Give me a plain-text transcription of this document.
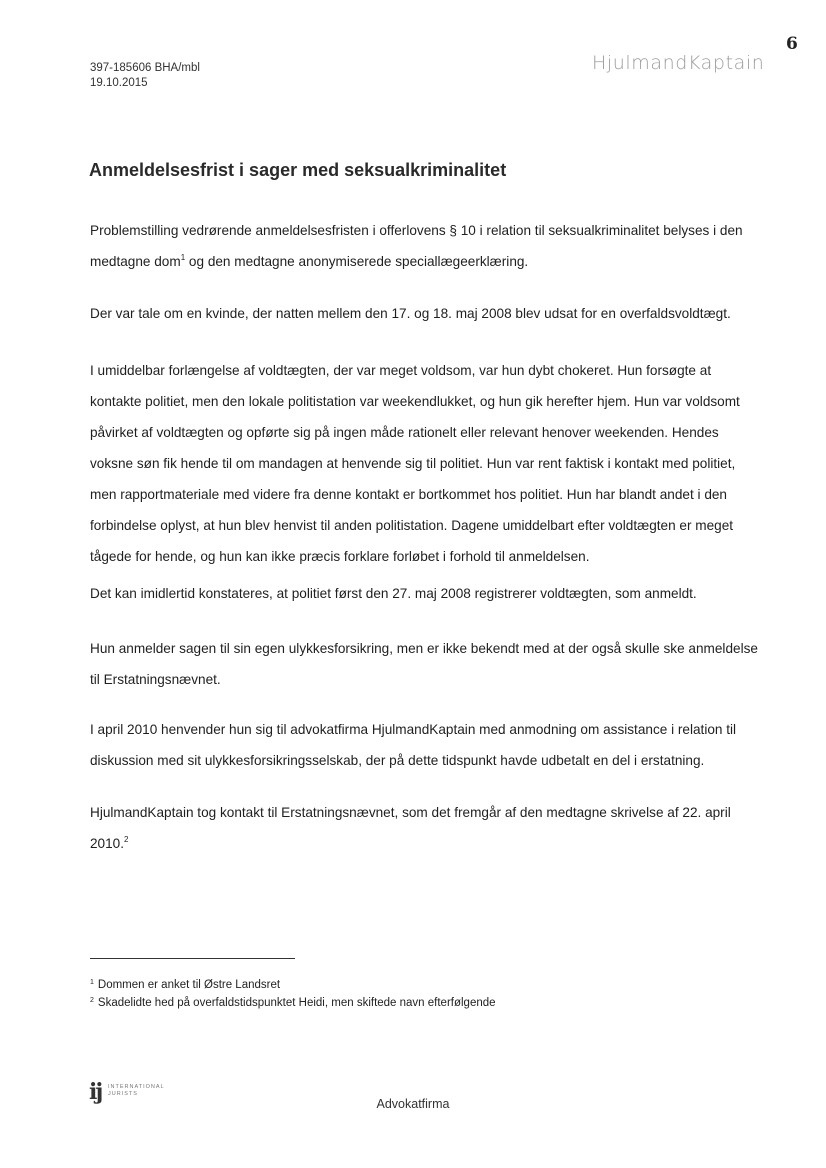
6
397-185606 BHA/mbl
19.10.2015
HjulmandKaptain
Anmeldelsesfrist i sager med seksualkriminalitet
Problemstilling vedrørende anmeldelsesfristen i offerlovens § 10 i relation til seksualkriminalitet belyses i den medtagne dom$^1$ og den medtagne anonymiserede speciallægeerklæring.
Der var tale om en kvinde, der natten mellem den 17. og 18. maj 2008 blev udsat for en overfaldsvoldtægt.
I umiddelbar forlængelse af voldtægten, der var meget voldsom, var hun dybt chokeret. Hun forsøgte at kontakte politiet, men den lokale politistation var weekendlukket, og hun gik herefter hjem. Hun var voldsomt påvirket af voldtægten og opførte sig på ingen måde rationelt eller relevant henover weekenden. Hendes voksne søn fik hende til om mandagen at henvende sig til politiet. Hun var rent faktisk i kontakt med politiet, men rapportmateriale med videre fra denne kontakt er bortkommet hos politiet. Hun har blandt andet i den forbindelse oplyst, at hun blev henvist til anden politistation. Dagene umiddelbart efter voldtægten er meget tågede for hende, og hun kan ikke præcis forklare forløbet i forhold til anmeldelsen.
Det kan imidlertid konstateres, at politiet først den 27. maj 2008 registrerer voldtægten, som anmeldt.
Hun anmelder sagen til sin egen ulykkesforsikring, men er ikke bekendt med at der også skulle ske anmeldelse til Erstatningsnævnet.
I april 2010 henvender hun sig til advokatfirma HjulmandKaptain med anmodning om assistance i relation til diskussion med sit ulykkesforsikringsselskab, der på dette tidspunkt havde udbetalt en del i erstatning.
HjulmandKaptain tog kontakt til Erstatningsnævnet, som det fremgår af den medtagne skrivelse af 22. april 2010.$^2$
$^1$ Dommen er anket til Østre Landsret
$^2$ Skadelidte hed på overfaldstidspunktet Heidi, men skiftede navn efterfølgende
ij INTERNATIONAL
JURISTS
Advokatfirma
